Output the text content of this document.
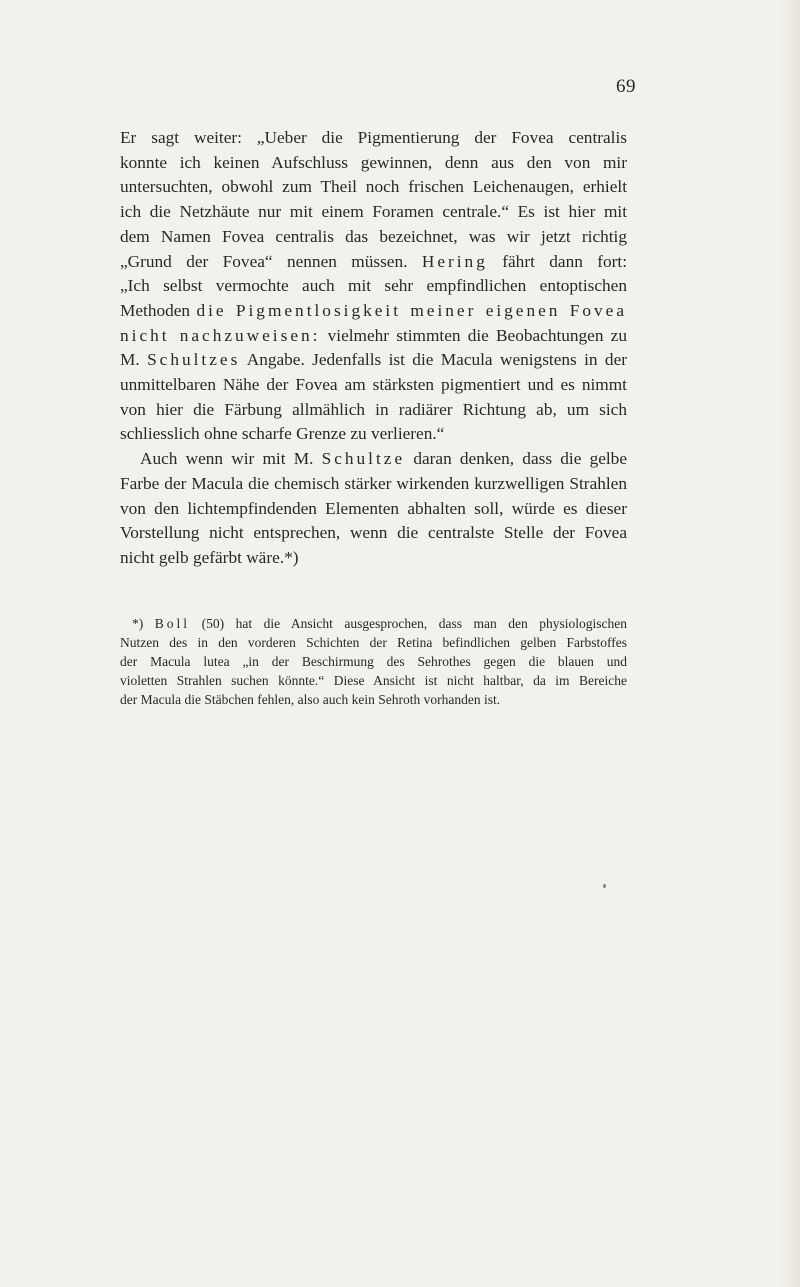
69

Er sagt weiter: „Ueber die Pigmentierung der Fovea centralis

konnte ich keinen Aufschluss gewinnen, denn aus den von mir

untersuchten, obwohl zum Theil noch frischen Leichenaugen, erhielt

ich die Netzhäute nur mit einem Foramen centrale.“ Es ist hier mit

dem Namen Fovea centralis das bezeichnet, was wir jetzt richtig

„Grund der Fovea“ nennen müssen. Hering fährt dann fort:

„Ich selbst vermochte auch mit sehr empfindlichen entoptischen

Methoden die Pigmentlosigkeit meiner eigenen Fovea

nicht nachzuweisen: vielmehr stimmten die Beobachtungen zu

M. Schultzes Angabe. Jedenfalls ist die Macula wenigstens in der

unmittelbaren Nähe der Fovea am stärksten pigmentiert und es nimmt

von hier die Färbung allmählich in radiärer Richtung ab, um sich

schliesslich ohne scharfe Grenze zu verlieren.“

Auch wenn wir mit M. Schultze daran denken, dass die gelbe

Farbe der Macula die chemisch stärker wirkenden kurzwelligen Strahlen

von den lichtempfindenden Elementen abhalten soll, würde es dieser

Vorstellung nicht entsprechen, wenn die centralste Stelle der Fovea

nicht gelb gefärbt wäre.*)

*) Boll (50) hat die Ansicht ausgesprochen, dass man den physiologischen

Nutzen des in den vorderen Schichten der Retina befindlichen gelben Farbstoffes

der Macula lutea „in der Beschirmung des Sehrothes gegen die blauen und

violetten Strahlen suchen könnte.“ Diese Ansicht ist nicht haltbar, da im Bereiche

der Macula die Stäbchen fehlen, also auch kein Sehroth vorhanden ist.
